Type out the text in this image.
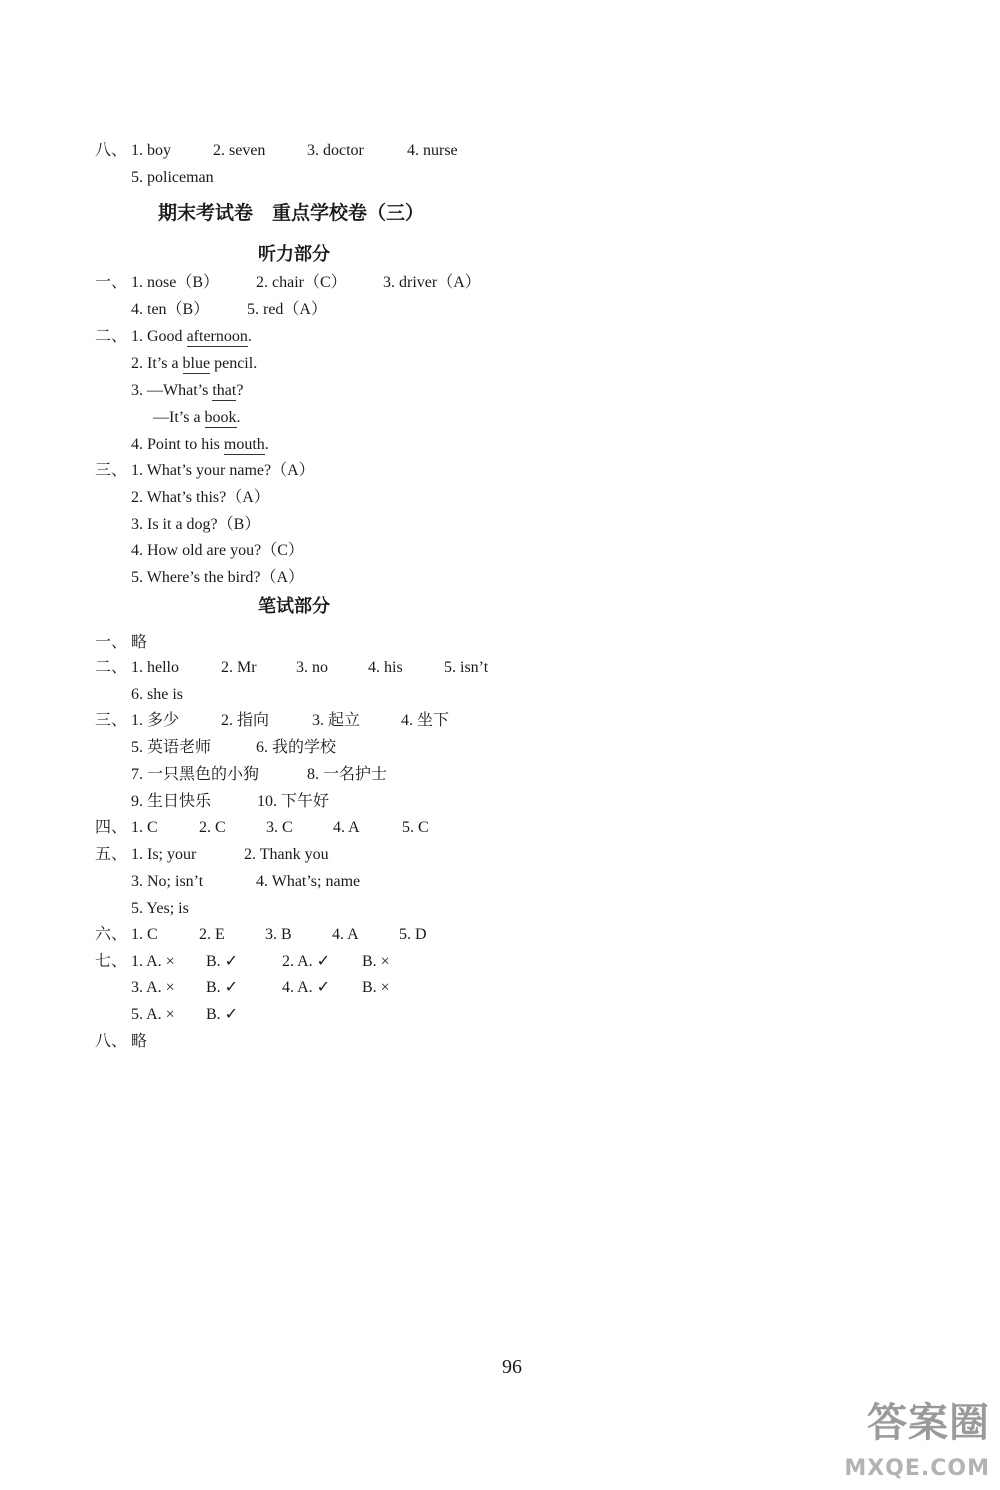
八、 1. boy	2. seven	3. doctor	4. nurse
5. policeman
期末考试卷　重点学校卷（三）
听力部分
一、 1. nose（B） 2. chair（C） 3. driver（A）
4. ten（B） 5. red（A）
二、 1. Good afternoon.
2. It’s a blue pencil.
3. —What’s that?
—It’s a book.
4. Point to his mouth.
三、 1. What’s your name?（A）
2. What’s this?（A）
3. Is it a dog?（B）
4. How old are you?（C）
5. Where’s the bird?（A）
笔试部分
一、 略
二、 1. hello	2. Mr 3. no	4. his	5. isn’t
6. she is
三、 1. 多少	2. 指向	3. 起立	4. 坐下
5. 英语老师	6. 我的学校
7. 一只黑色的小狗	8. 一名护士
9. 生日快乐	10. 下午好
四、 1. C	2. C	3. C	4. A	5. C
五、 1. Is; your	2. Thank you
3. No; isn’t	4. What’s; name
5. Yes; is
六、 1. C	2. E	3. B	4. A	5. D
七、 1. A. × B. ✓	2. A. ✓ B. ×
3. A. × B. ✓	4. A. ✓ B. ×
5. A. × B. ✓
八、 略
96
答案圈
MXQE.COM
